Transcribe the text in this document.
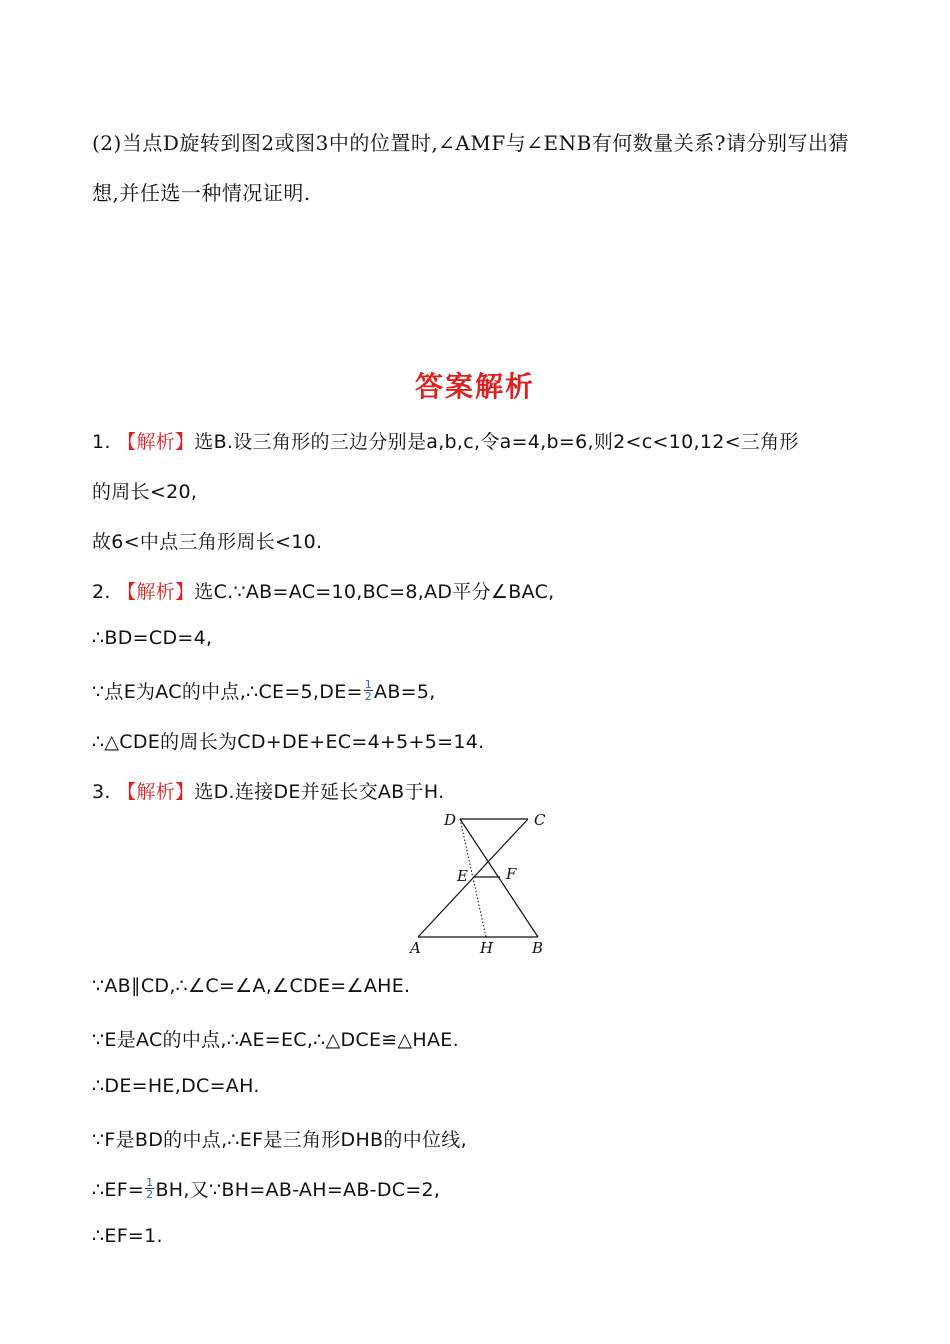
(2)当点D旋转到图2或图3中的位置时,∠AMF与∠ENB有何数量关系?请分别写出猜
想,并任选一种情况证明.
答案解析
1. 【解析】选B.设三角形的三边分别是a,b,c,令a=4,b=6,则2<c<10,12<三角形
的周长<20,
故6<中点三角形周长<10.
2. 【解析】选C.∵AB=AC=10,BC=8,AD平分∠BAC,
∴BD=CD=4,
∵点E为AC的中点,∴CE=5,DE= $\frac{1}{2} AB=5$,
∴△CDE的周长为CD+DE+EC=4+5+5=14.
3. 【解析】选D.连接DE并延长交AB于H.
D	C
E	F
A	H	B
∵AB∥CD,∴∠C=∠A,∠CDE=∠AHE.
∵E是AC的中点,∴AE=EC,∴△DCE≌△HAE.
∴DE=HE,DC=AH.
∵F是BD的中点,∴EF是三角形DHB的中位线,
∴EF= $\frac{1}{2}$ BH,又∵BH=AB-AH=AB-DC=2,
∴EF=1.
